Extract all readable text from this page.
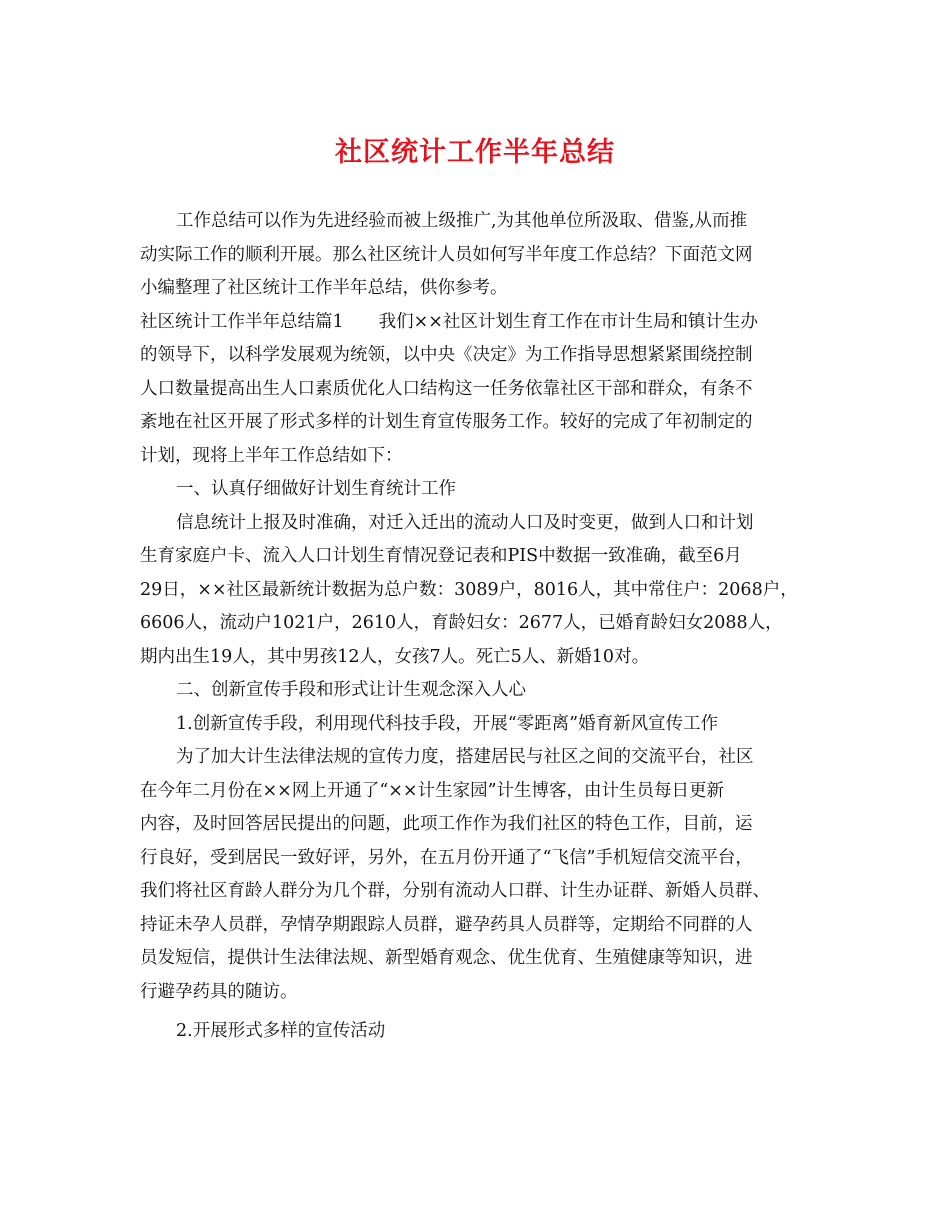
社区统计工作半年总结
工作总结可以作为先进经验而被上级推广,为其他单位所汲取、借鉴,从而推
动实际工作的顺利开展。那么社区统计人员如何写半年度工作总结？下面范文网
小编整理了社区统计工作半年总结，供你参考。
社区统计工作半年总结篇1　　我们××社区计划生育工作在市计生局和镇计生办
的领导下，以科学发展观为统领，以中央《决定》为工作指导思想紧紧围绕控制
人口数量提高出生人口素质优化人口结构这一任务依靠社区干部和群众，有条不
紊地在社区开展了形式多样的计划生育宣传服务工作。较好的完成了年初制定的
计划，现将上半年工作总结如下：
一、认真仔细做好计划生育统计工作
信息统计上报及时准确，对迁入迁出的流动人口及时变更，做到人口和计划
生育家庭户卡、流入人口计划生育情况登记表和PIS中数据一致准确，截至6月
29日，××社区最新统计数据为总户数：3089户，8016人，其中常住户：2068户，
6606人，流动户1021户，2610人，育龄妇女：2677人，已婚育龄妇女2088人，
期内出生19人，其中男孩12人，女孩7人。死亡5人、新婚10对。
二、创新宣传手段和形式让计生观念深入人心
1.创新宣传手段，利用现代科技手段，开展“零距离”婚育新风宣传工作
为了加大计生法律法规的宣传力度，搭建居民与社区之间的交流平台，社区
在今年二月份在××网上开通了“××计生家园”计生博客，由计生员每日更新
内容，及时回答居民提出的问题，此项工作作为我们社区的特色工作，目前，运
行良好，受到居民一致好评，另外，在五月份开通了“飞信”手机短信交流平台，
我们将社区育龄人群分为几个群，分别有流动人口群、计生办证群、新婚人员群、
持证未孕人员群，孕情孕期跟踪人员群，避孕药具人员群等，定期给不同群的人
员发短信，提供计生法律法规、新型婚育观念、优生优育、生殖健康等知识，进
行避孕药具的随访。
2.开展形式多样的宣传活动
